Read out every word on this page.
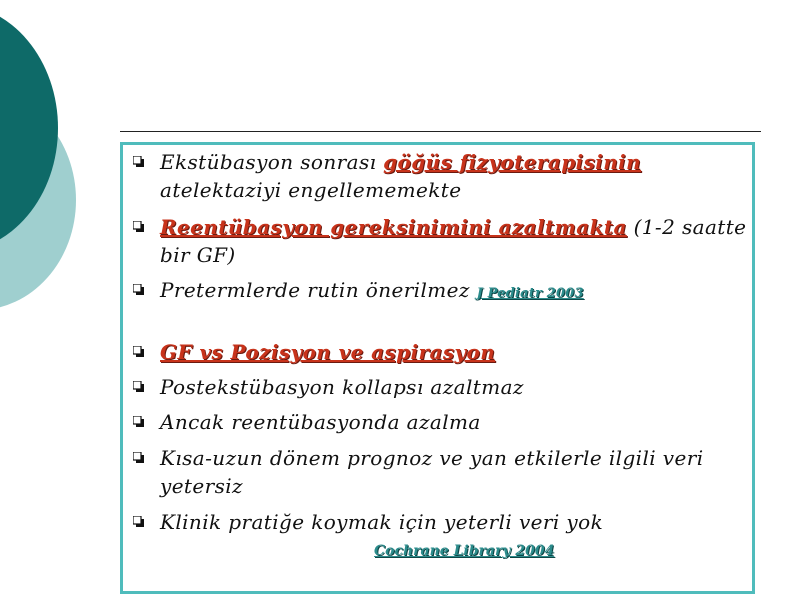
Ekstübasyon sonrası göğüs fizyoterapisinin atelektaziyi engellememekte
Reentübasyon gereksinimini azaltmakta (1-2 saatte bir GF)
Pretermlerde rutin önerilmez J Pediatr 2003
GF vs Pozisyon ve aspirasyon
Postekstübasyon kollapsı azaltmaz
Ancak reentübasyonda azalma
Kısa-uzun dönem prognoz ve yan etkilerle ilgili veri yetersiz
Klinik pratiğe koymak için yeterli veri yok
Cochrane Library 2004
